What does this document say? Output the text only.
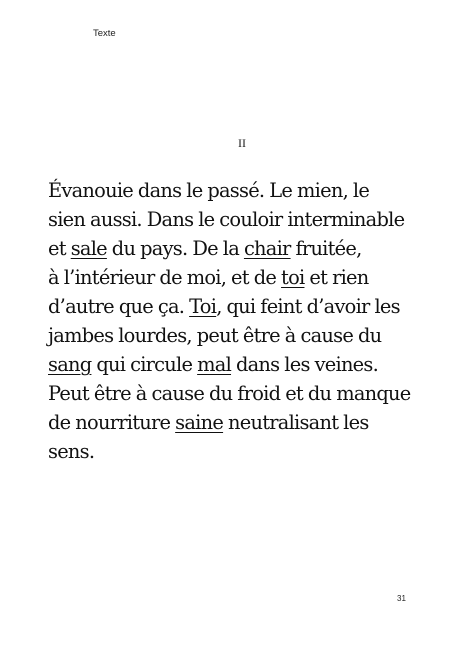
Texte
II
Évanouie dans le passé. Le mien, le
sien aussi. Dans le couloir interminable
et sale du pays. De la chair fruitée,
à l’intérieur de moi, et de toi et rien
d’autre que ça. Toi, qui feint d’avoir les
jambes lourdes, peut être à cause du
sang qui circule mal dans les veines.
Peut être à cause du froid et du manque
de nourriture saine neutralisant les
sens.
31
